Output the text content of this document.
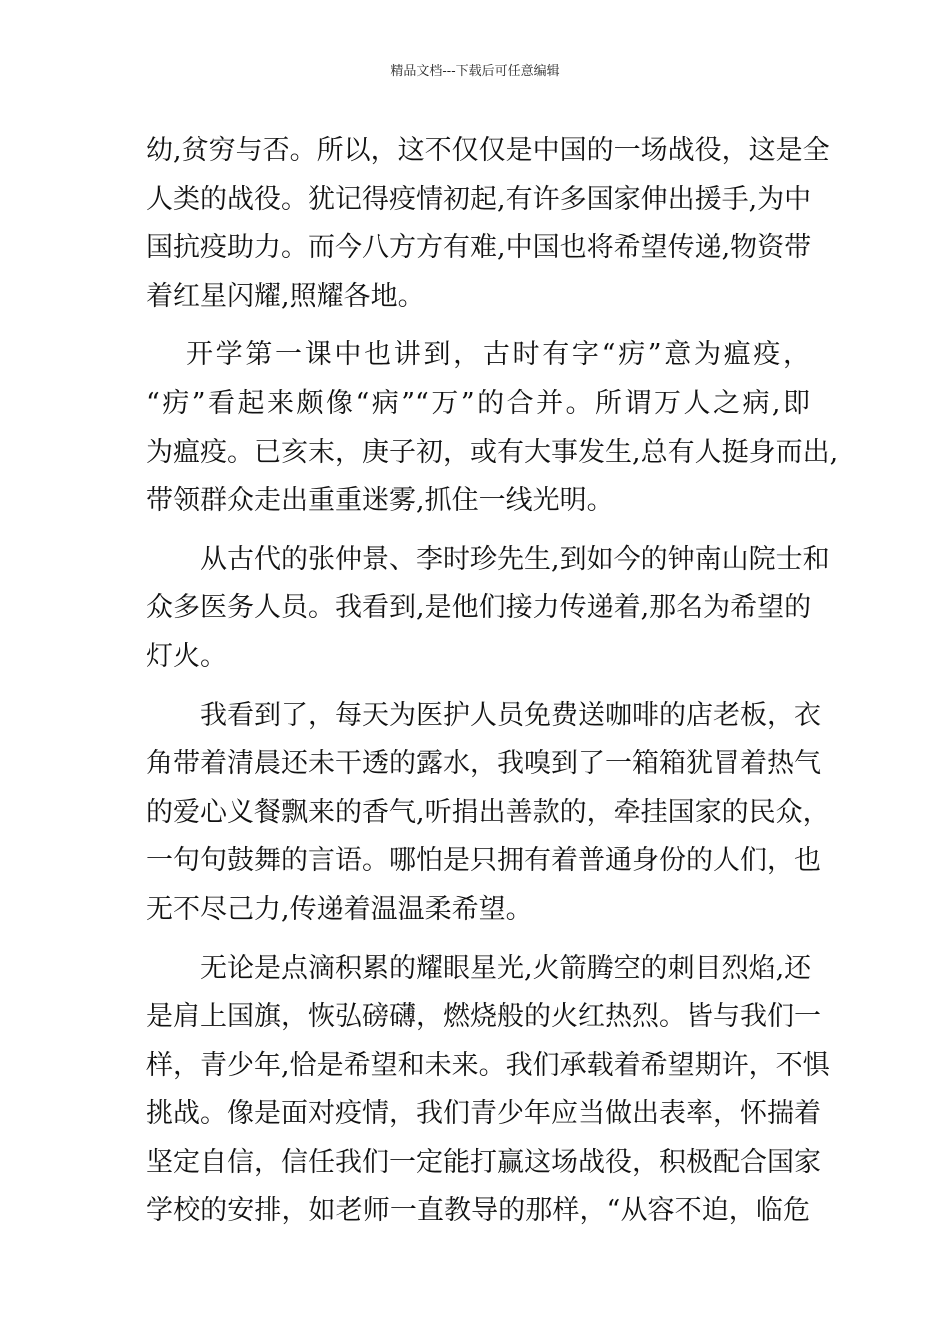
精品文档---下载后可任意编辑
幼,贫穷与否。所以，这不仅仅是中国的一场战役，这是全
人类的战役。犹记得疫情初起,有许多国家伸出援手,为中
国抗疫助力。而今八方方有难,中国也将希望传递,物资带
着红星闪耀,照耀各地。
开学第一课中也讲到，古时有字“疠”意为瘟疫，
“疠”看起来颇像“病”“万”的合并。所谓万人之病,即
为瘟疫。已亥末，庚子初，或有大事发生,总有人挺身而出,
带领群众走出重重迷雾,抓住一线光明。
从古代的张仲景、李时珍先生,到如今的钟南山院士和
众多医务人员。我看到,是他们接力传递着,那名为希望的
灯火。
我看到了，每天为医护人员免费送咖啡的店老板，衣
角带着清晨还未干透的露水，我嗅到了一箱箱犹冒着热气
的爱心义餐飘来的香气,听捐出善款的，牵挂国家的民众，
一句句鼓舞的言语。哪怕是只拥有着普通身份的人们，也
无不尽己力,传递着温温柔希望。
无论是点滴积累的耀眼星光,火箭腾空的刺目烈焰,还
是肩上国旗，恢弘磅礴，燃烧般的火红热烈。皆与我们一
样，青少年,恰是希望和未来。我们承载着希望期许，不惧
挑战。像是面对疫情，我们青少年应当做出表率，怀揣着
坚定自信，信任我们一定能打赢这场战役，积极配合国家
学校的安排，如老师一直教导的那样，“从容不迫，临危
